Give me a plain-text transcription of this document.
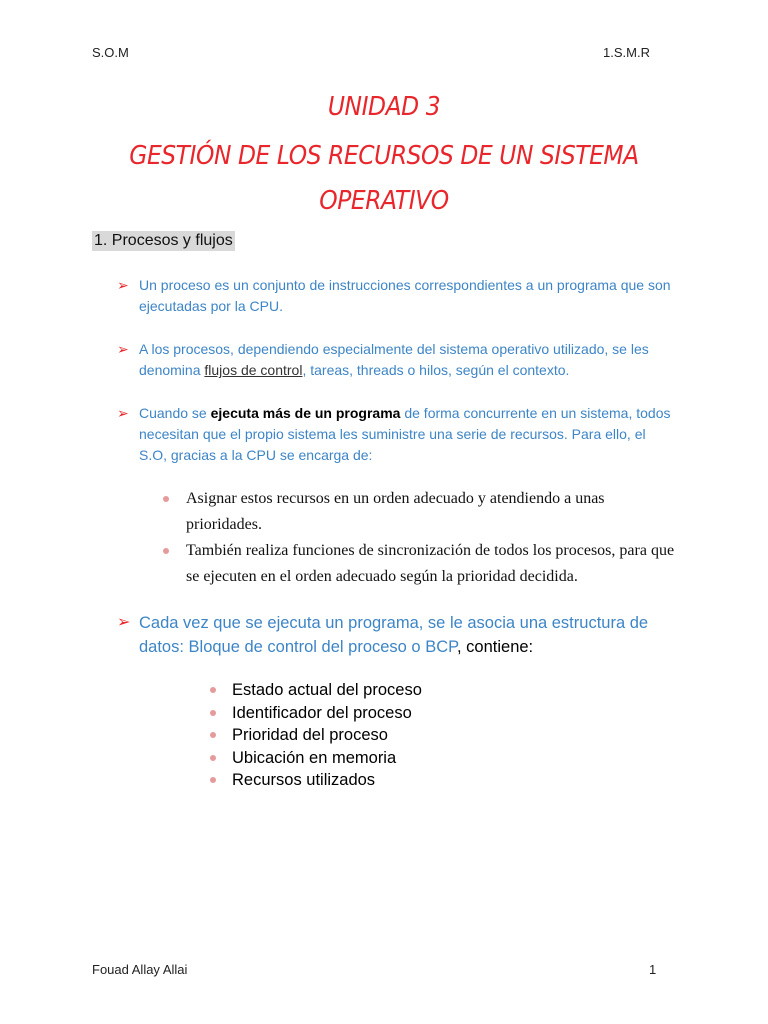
S.O.M	1.S.M.R
UNIDAD 3
GESTIÓN DE LOS RECURSOS DE UN SISTEMA
OPERATIVO
1. Procesos y flujos
➢ Un proceso es un conjunto de instrucciones correspondientes a un programa que son ejecutadas por la CPU.
➢ A los procesos, dependiendo especialmente del sistema operativo utilizado, se les denomina flujos de control, tareas, threads o hilos, según el contexto.
➢ Cuando se ejecuta más de un programa de forma concurrente en un sistema, todos necesitan que el propio sistema les suministre una serie de recursos. Para ello, el S.O, gracias a la CPU se encarga de:
Asignar estos recursos en un orden adecuado y atendiendo a unas prioridades.
También realiza funciones de sincronización de todos los procesos, para que se ejecuten en el orden adecuado según la prioridad decidida.
➢ Cada vez que se ejecuta un programa, se le asocia una estructura de datos: Bloque de control del proceso o BCP, contiene:
Estado actual del proceso
Identificador del proceso
Prioridad del proceso
Ubicación en memoria
Recursos utilizados
Fouad Allay Allai	1
